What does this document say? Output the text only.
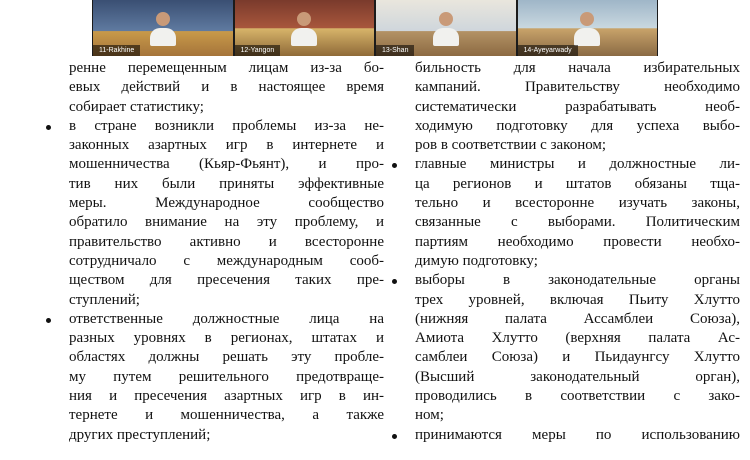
11-Rakhine	12-Yangon	13-Shan	14-Ayeyarwady
ренне перемещенным лицам из-за бо-
евых действий и в настоящее время
собирает статистику;
в стране возникли проблемы из-за не-
законных азартных игр в интернете и
мошенничества (Кьяр-Фьянт), и про-
тив них были приняты эффективные
меры. Международное сообщество
обратило внимание на эту проблему, и
правительство активно и всесторонне
сотрудничало с международным сооб-
ществом для пресечения таких пре-
ступлений;
ответственные должностные лица на
разных уровнях в регионах, штатах и
областях должны решать эту пробле-
му путем решительного предотвраще-
ния и пресечения азартных игр в ин-
тернете и мошенничества, а также
других преступлений;
бильность для начала избирательных
кампаний. Правительству необходимо
систематически разрабатывать необ-
ходимую подготовку для успеха выбо-
ров в соответствии с законом;
главные министры и должностные ли-
ца регионов и штатов обязаны тща-
тельно и всесторонне изучать законы,
связанные с выборами. Политическим
партиям необходимо провести необхо-
димую подготовку;
выборы в законодательные органы
трех уровней, включая Пьиту Хлутто
(нижняя палата Ассамблеи Союза),
Амиота Хлутто (верхняя палата Ас-
самблеи Союза) и Пьидаунгсу Хлутто
(Высший законодательный орган),
проводились в соответствии с зако-
ном;
принимаются меры по использованию
